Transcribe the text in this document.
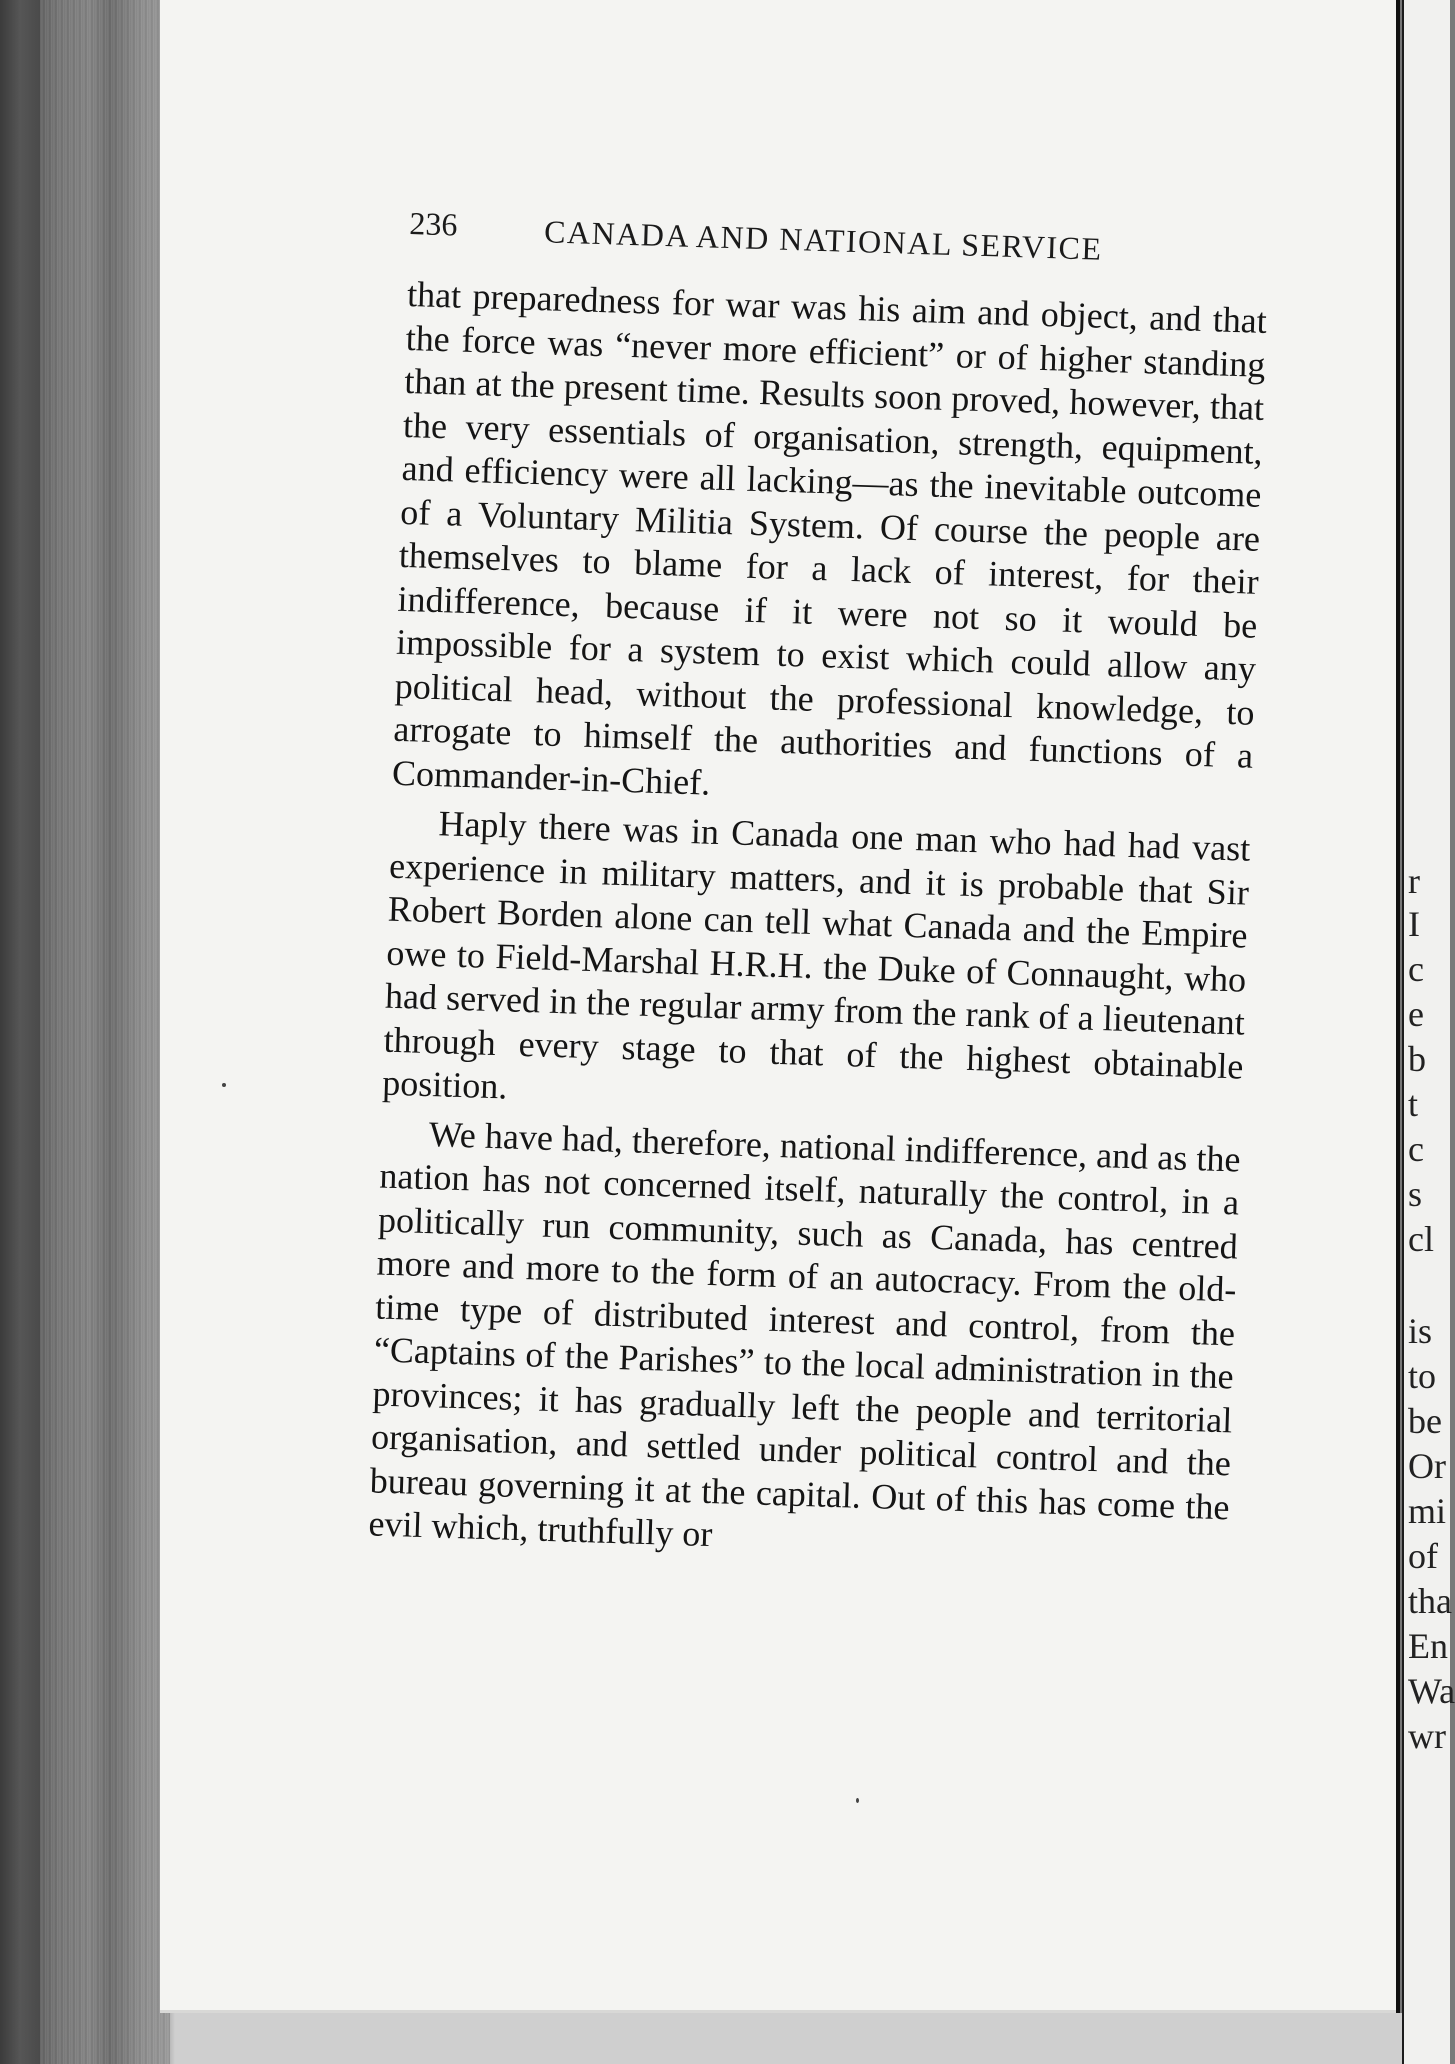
236	CANADA AND NATIONAL SERVICE

that preparedness for war was his aim and object, and that the force was “never more efficient” or of higher standing than at the present time. Results soon proved, however, that the very essentials of organisation, strength, equipment, and efficiency were all lacking—as the inevitable outcome of a Voluntary Militia System. Of course the people are themselves to blame for a lack of interest, for their indifference, because if it were not so it would be impossible for a system to exist which could allow any political head, without the professional knowledge, to arrogate to himself the authorities and functions of a Commander-in-Chief.

Haply there was in Canada one man who had had vast experience in military matters, and it is probable that Sir Robert Borden alone can tell what Canada and the Empire owe to Field-Marshal H.R.H. the Duke of Connaught, who had served in the regular army from the rank of a lieutenant through every stage to that of the highest obtainable position.

We have had, therefore, national indifference, and as the nation has not concerned itself, naturally the control, in a politically run community, such as Canada, has centred more and more to the form of an autocracy. From the old-time type of distributed interest and control, from the “Captains of the Parishes” to the local administration in the provinces; it has gradually left the people and territorial organisation, and settled under political control and the bureau governing it at the capital. Out of this has come the evil which, truthfully or

r
I
c
e
b
t
c
s
cl
is
to
be
Or
mi
of
tha
En
Wa
wr
